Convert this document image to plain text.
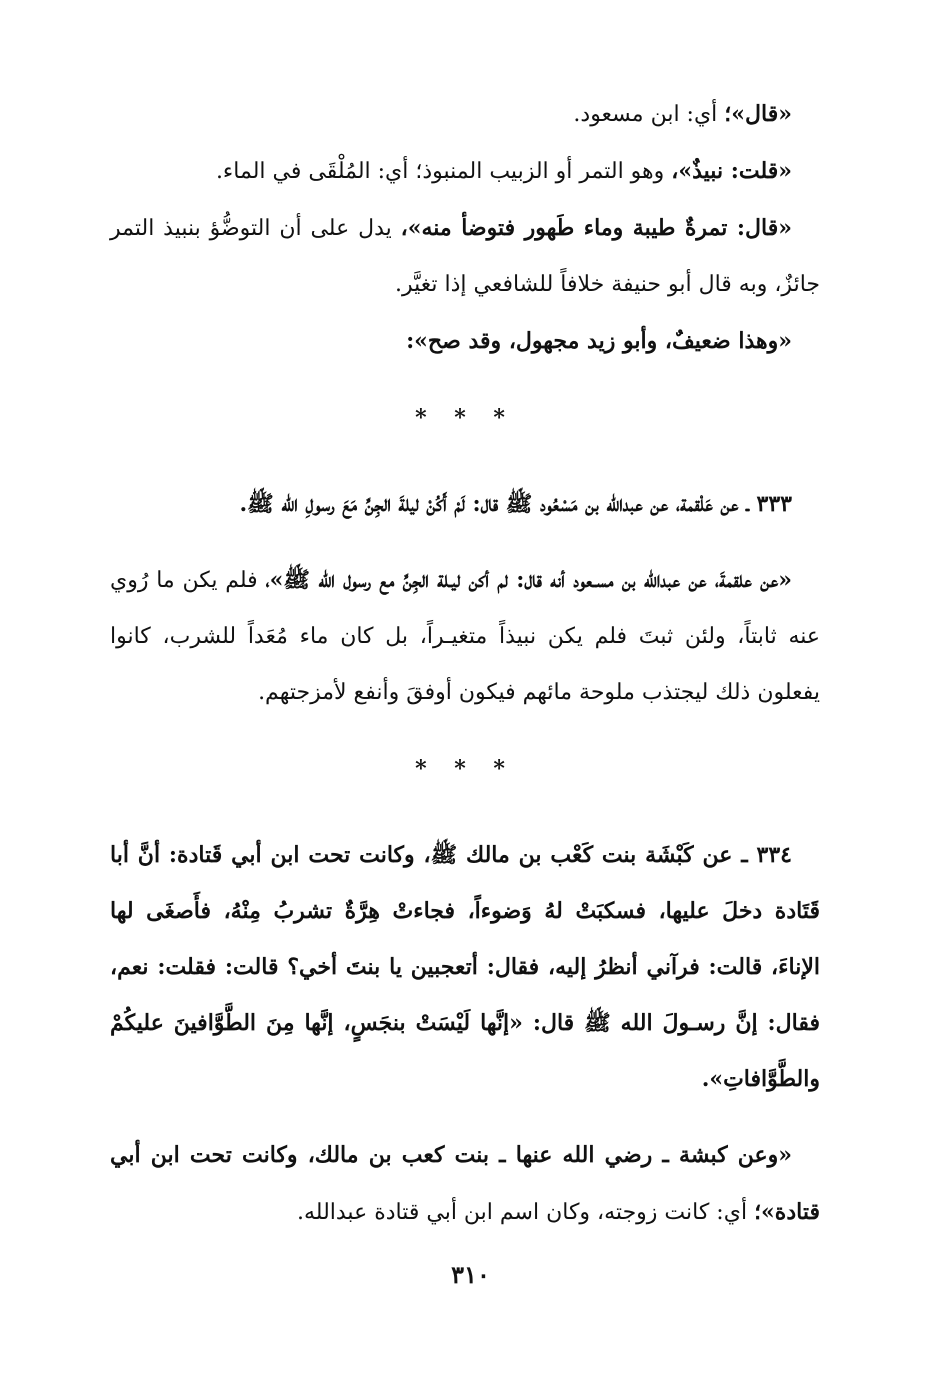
«قال»؛ أي: ابن مسعود.

«قلت: نبيذٌ»، وهو التمر أو الزبيب المنبوذ؛ أي: المُلْقَى في الماء.

«قال: تمرةٌ طيبة وماء طَهور فتوضأ منه»، يدل على أن التوضُّؤ بنبيذ التمر جائزٌ، وبه قال أبو حنيفة خلافاً للشافعي إذا تغيَّر.

«وهذا ضعيفٌ، وأبو زيد مجهول، وقد صح»:

* * *

٣٣٣ ـ عن عَلْقمة، عن عبدالله بن مَسْعُود ﷺ قال: لَمْ أَكُنْ ليلةَ الجِنِّ مَعَ رسولِ الله ﷺ.

«عن علقمةَ، عن عبدالله بن مسـعود أنه قال: لم أكن ليـلة الجِنِّ مع رسول الله ﷺ»، فلم يكن ما رُوي عنه ثابتاً، ولئن ثبتَ فلم يكن نبيذاً متغيـراً، بل كان ماء مُعَداً للشرب، كانوا يفعلون ذلك ليجتذب ملوحة مائهم فيكون أوفقَ وأنفع لأمزجتهم.

* * *

٣٣٤ ـ عن كَبْشَة بنت كَعْب بن مالك ﷺ، وكانت تحت ابن أبي قَتادة: أنَّ أبا قَتَادة دخلَ عليها، فسكبَتْ لهُ وَضوءاً، فجاءتْ هِرَّةٌ تشربُ مِنْهُ، فأَصغَى لها الإناءَ، قالت: فرآني أنظرُ إليه، فقال: أتعجبين يا بنتَ أخي؟ قالت: فقلت: نعم، فقال: إنَّ رسـولَ الله ﷺ قال: «إنَّها لَيْسَتْ بنجَسٍ، إنَّها مِنَ الطَّوَّافينَ عليكُمْ والطَّوَّافاتِ».

«وعن كبشة ـ رضي الله عنها ـ بنت كعب بن مالك، وكانت تحت ابن أبي قتادة»؛ أي: كانت زوجته، وكان اسم ابن أبي قتادة عبدالله.

٣١٠
